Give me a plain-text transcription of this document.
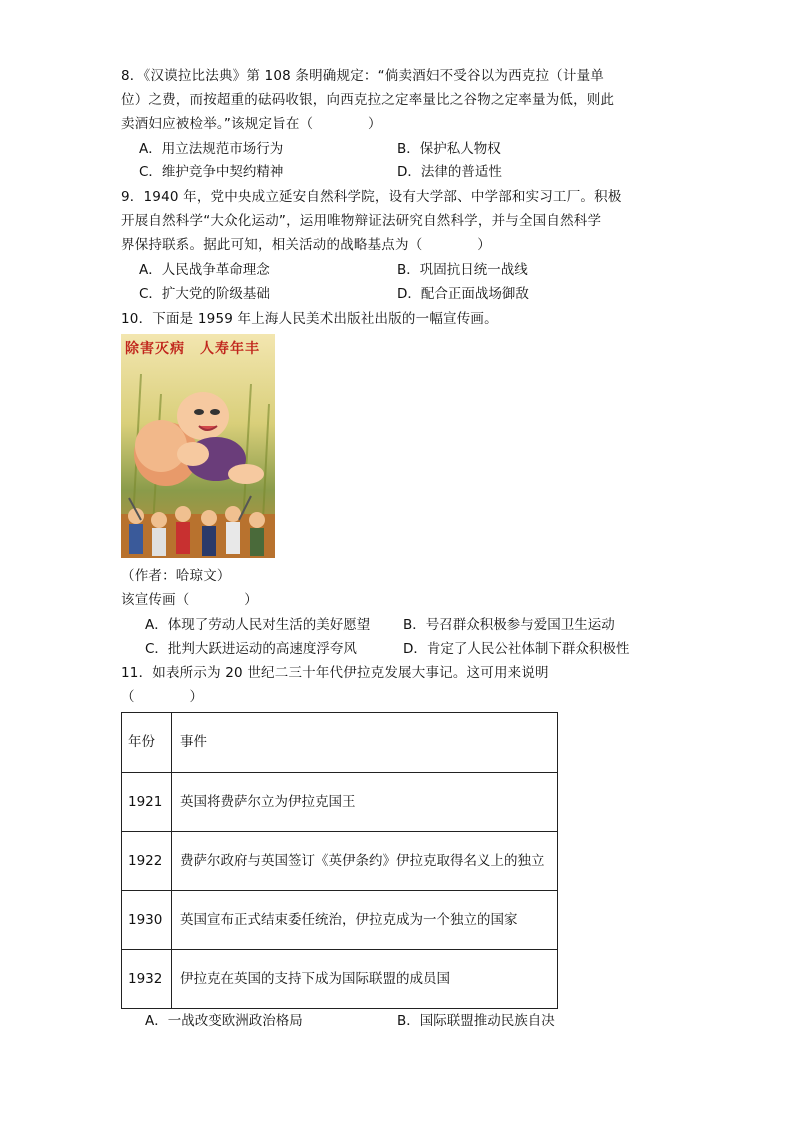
8．《汉谟拉比法典》第 108 条明确规定：“倘卖酒妇不受谷以为西克拉（计量单
位）之费，而按超重的砝码收银，向西克拉之定率量比之谷物之定率量为低，则此
卖酒妇应被检举。”该规定旨在（　　　　）
A．用立法规范市场行为	B．保护私人物权
C．维护竞争中契约精神	D．法律的普适性
9．1940 年，党中央成立延安自然科学院，设有大学部、中学部和实习工厂。积极
开展自然科学“大众化运动”，运用唯物辩证法研究自然科学，并与全国自然科学
界保持联系。据此可知，相关活动的战略基点为（　　　　）
A．人民战争革命理念	B．巩固抗日统一战线
C．扩大党的阶级基础	D．配合正面战场御敌
10．下面是 1959 年上海人民美术出版社出版的一幅宣传画。
除害灭病　人寿年丰
（作者：哈琼文）
该宣传画（　　　　）
A．体现了劳动人民对生活的美好愿望 B．号召群众积极参与爱国卫生运动
C．批判大跃进运动的高速度浮夸风	D．肯定了人民公社体制下群众积极性
11．如表所示为 20 世纪二三十年代伊拉克发展大事记。这可用来说明
（　　　　）
年份	事件
1921	英国将费萨尔立为伊拉克国王
1922	费萨尔政府与英国签订《英伊条约》伊拉克取得名义上的独立
1930	英国宣布正式结束委任统治，伊拉克成为一个独立的国家
1932	伊拉克在英国的支持下成为国际联盟的成员国
A．一战改变欧洲政治格局	B．国际联盟推动民族自决
